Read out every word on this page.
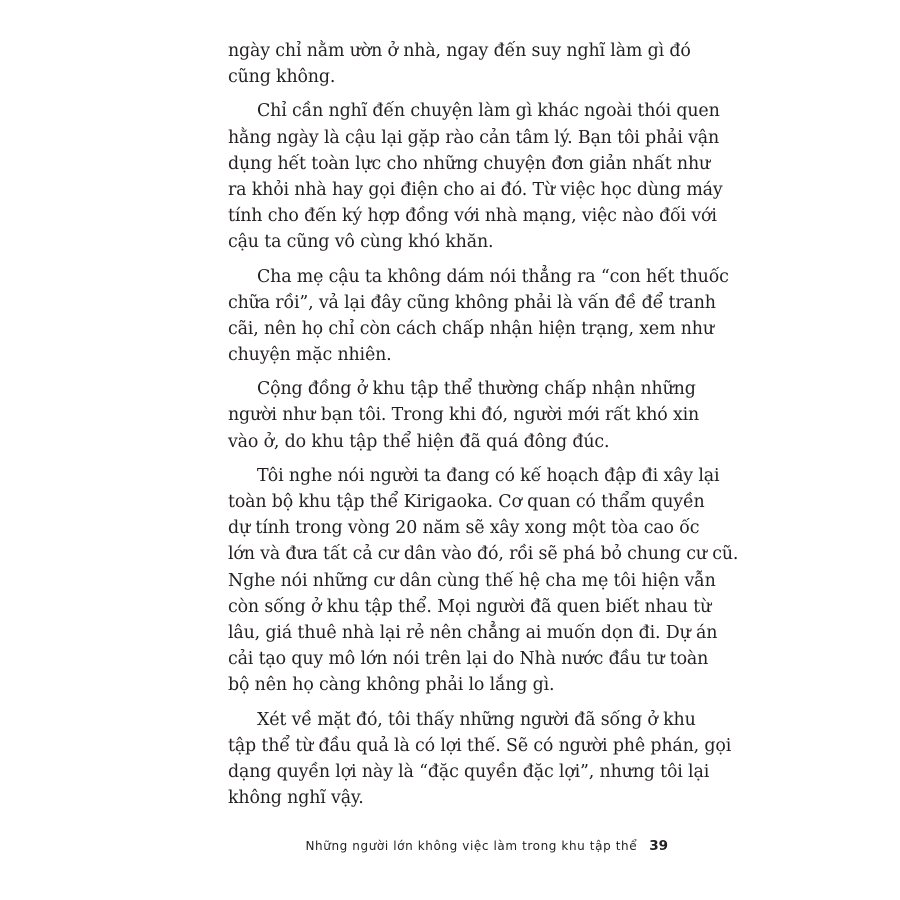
ngày chỉ nằm ườn ở nhà, ngay đến suy nghĩ làm gì đó
cũng không.
Chỉ cần nghĩ đến chuyện làm gì khác ngoài thói quen
hằng ngày là cậu lại gặp rào cản tâm lý. Bạn tôi phải vận
dụng hết toàn lực cho những chuyện đơn giản nhất như
ra khỏi nhà hay gọi điện cho ai đó. Từ việc học dùng máy
tính cho đến ký hợp đồng với nhà mạng, việc nào đối với
cậu ta cũng vô cùng khó khăn.
Cha mẹ cậu ta không dám nói thẳng ra “con hết thuốc
chữa rồi”, vả lại đây cũng không phải là vấn đề để tranh
cãi, nên họ chỉ còn cách chấp nhận hiện trạng, xem như
chuyện mặc nhiên.
Cộng đồng ở khu tập thể thường chấp nhận những
người như bạn tôi. Trong khi đó, người mới rất khó xin
vào ở, do khu tập thể hiện đã quá đông đúc.
Tôi nghe nói người ta đang có kế hoạch đập đi xây lại
toàn bộ khu tập thể Kirigaoka. Cơ quan có thẩm quyền
dự tính trong vòng 20 năm sẽ xây xong một tòa cao ốc
lớn và đưa tất cả cư dân vào đó, rồi sẽ phá bỏ chung cư cũ.
Nghe nói những cư dân cùng thế hệ cha mẹ tôi hiện vẫn
còn sống ở khu tập thể. Mọi người đã quen biết nhau từ
lâu, giá thuê nhà lại rẻ nên chẳng ai muốn dọn đi. Dự án
cải tạo quy mô lớn nói trên lại do Nhà nước đầu tư toàn
bộ nên họ càng không phải lo lắng gì.
Xét về mặt đó, tôi thấy những người đã sống ở khu
tập thể từ đầu quả là có lợi thế. Sẽ có người phê phán, gọi
dạng quyền lợi này là “đặc quyền đặc lợi”, nhưng tôi lại
không nghĩ vậy.
Những người lớn không việc làm trong khu tập thể 39
